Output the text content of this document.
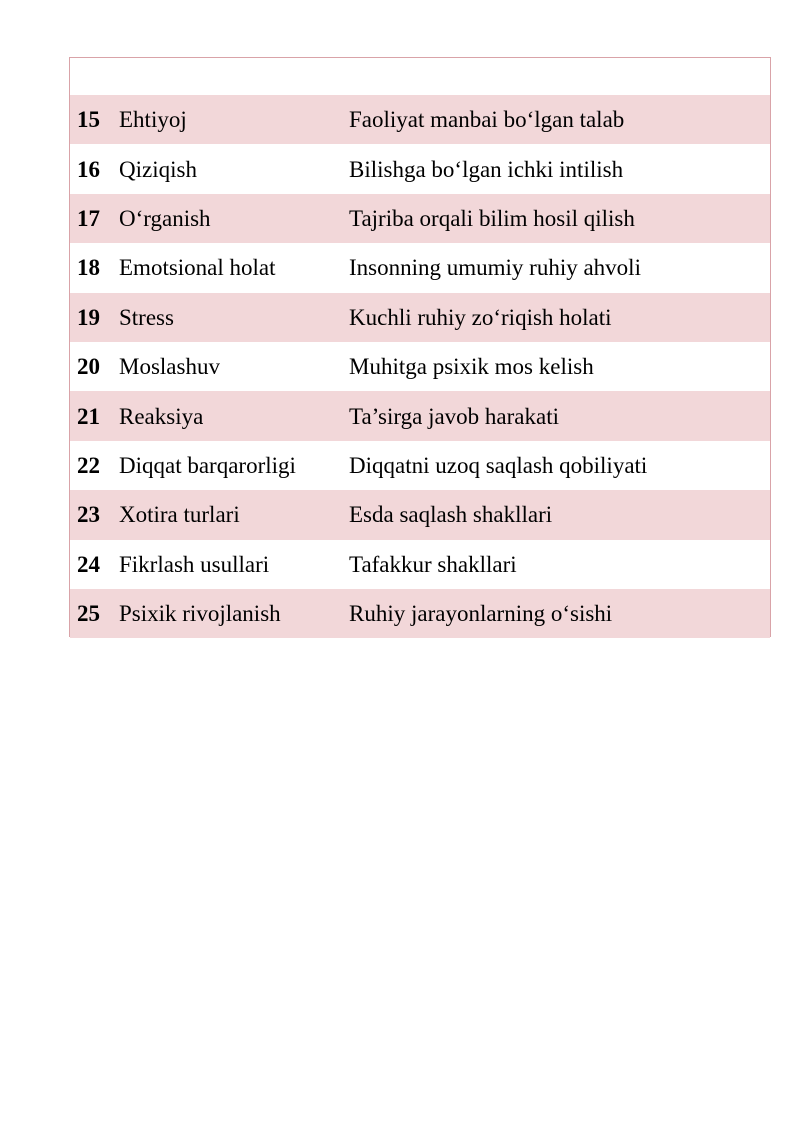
15 Ehtiyoj	Faoliyat manbai bo‘lgan talab
16 Qiziqish	Bilishga bo‘lgan ichki intilish
17 O‘rganish	Tajriba orqali bilim hosil qilish
18 Emotsional holat	Insonning umumiy ruhiy ahvoli
19 Stress	Kuchli ruhiy zo‘riqish holati
20 Moslashuv	Muhitga psixik mos kelish
21 Reaksiya	Ta’sirga javob harakati
22 Diqqat barqarorligi	Diqqatni uzoq saqlash qobiliyati
23 Xotira turlari	Esda saqlash shakllari
24 Fikrlash usullari	Tafakkur shakllari
25 Psixik rivojlanish	Ruhiy jarayonlarning o‘sishi
